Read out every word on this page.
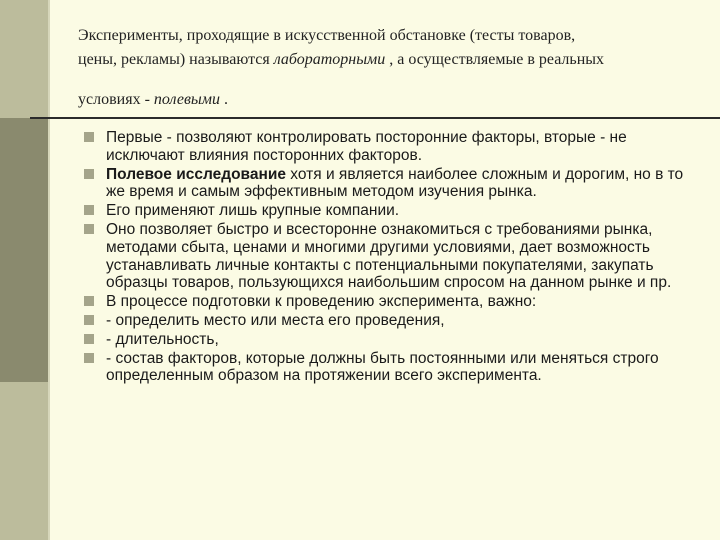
Эксперименты, проходящие в искусственной обстановке (тесты товаров,
цены, рекламы) называются лабораторными , а осуществляемые в реальных
условиях - полевыми .
Первые - позволяют контролировать посторонние факторы, вторые - не исключают влияния посторонних факторов.
Полевое исследование хотя и является наиболее сложным и дорогим, но в то же время и самым эффективным методом изучения рынка.
Его применяют лишь крупные компании.
Оно позволяет быстро и всесторонне ознакомиться с требованиями рынка, методами сбыта, ценами и многими другими условиями, дает возможность устанавливать личные контакты с потенциальными покупателями, закупать образцы товаров, пользующихся наибольшим спросом на данном рынке и пр.
В процессе подготовки к проведению эксперимента, важно:
- определить место или места его проведения,
- длительность,
- состав факторов, которые должны быть постоянными или меняться строго определенным образом на протяжении всего эксперимента.
